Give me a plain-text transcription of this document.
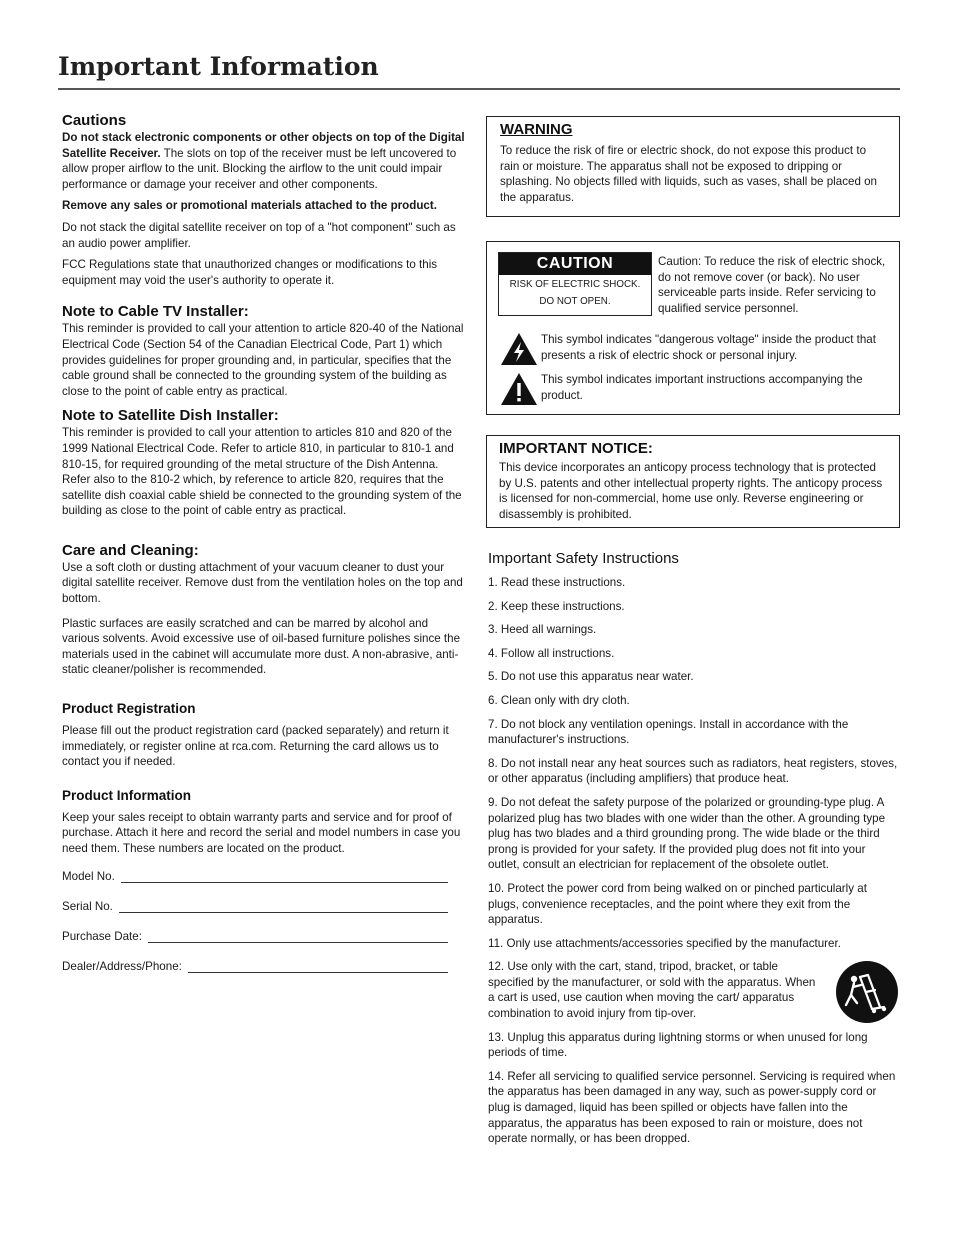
Important Information
Cautions

Do not stack electronic components or other objects on top of the Digital Satellite Receiver. The slots on top of the receiver must be left uncovered to allow proper airflow to the unit. Blocking the airflow to the unit could impair performance or damage your receiver and other components.

Remove any sales or promotional materials attached to the product.

Do not stack the digital satellite receiver on top of a "hot component" such as an audio power amplifier.

FCC Regulations state that unauthorized changes or modifications to this equipment may void the user's authority to operate it.

Note to Cable TV Installer:

This reminder is provided to call your attention to article 820-40 of the National Electrical Code (Section 54 of the Canadian Electrical Code, Part 1) which provides guidelines for proper grounding and, in particular, specifies that the cable ground shall be connected to the grounding system of the building as close to the point of cable entry as practical.

Note to Satellite Dish Installer:

This reminder is provided to call your attention to articles 810 and 820 of the 1999 National Electrical Code. Refer to article 810, in particular to 810-1 and 810-15, for required grounding of the metal structure of the Dish Antenna. Refer also to the 810-2 which, by reference to article 820, requires that the satellite dish coaxial cable shield be connected to the grounding system of the building as close to the point of cable entry as practical.

Care and Cleaning:

Use a soft cloth or dusting attachment of your vacuum cleaner to dust your digital satellite receiver. Remove dust from the ventilation holes on the top and bottom.

Plastic surfaces are easily scratched and can be marred by alcohol and various solvents. Avoid excessive use of oil-based furniture polishes since the materials used in the cabinet will accumulate more dust. A non-abrasive, anti-static cleaner/polisher is recommended.

Product Registration

Please fill out the product registration card (packed separately) and return it immediately, or register online at rca.com. Returning the card allows us to contact you if needed.

Product Information

Keep your sales receipt to obtain warranty parts and service and for proof of purchase. Attach it here and record the serial and model numbers in case you need them. These numbers are located on the product.

Model No.
Serial No.
Purchase Date:
Dealer/Address/Phone:
WARNING

To reduce the risk of fire or electric shock, do not expose this product to rain or moisture. The apparatus shall not be exposed to dripping or splashing. No objects filled with liquids, such as vases, shall be placed on the apparatus.

CAUTION
RISK OF ELECTRIC SHOCK.
DO NOT OPEN.

Caution: To reduce the risk of electric shock, do not remove cover (or back). No user serviceable parts inside. Refer servicing to qualified service personnel.

This symbol indicates "dangerous voltage" inside the product that presents a risk of electric shock or personal injury.

This symbol indicates important instructions accompanying the product.

IMPORTANT NOTICE:

This device incorporates an anticopy process technology that is protected by U.S. patents and other intellectual property rights. The anticopy process is licensed for non-commercial, home use only. Reverse engineering or disassembly is prohibited.

Important Safety Instructions

1. Read these instructions.

2. Keep these instructions.

3. Heed all warnings.

4. Follow all instructions.

5. Do not use this apparatus near water.

6. Clean only with dry cloth.

7. Do not block any ventilation openings. Install in accordance with the manufacturer's instructions.

8. Do not install near any heat sources such as radiators, heat registers, stoves, or other apparatus (including amplifiers) that produce heat.

9. Do not defeat the safety purpose of the polarized or grounding-type plug. A polarized plug has two blades with one wider than the other. A grounding type plug has two blades and a third grounding prong. The wide blade or the third prong is provided for your safety. If the provided plug does not fit into your outlet, consult an electrician for replacement of the obsolete outlet.

10. Protect the power cord from being walked on or pinched particularly at plugs, convenience receptacles, and the point where they exit from the apparatus.

11. Only use attachments/accessories specified by the manufacturer.

12. Use only with the cart, stand, tripod, bracket, or table specified by the manufacturer, or sold with the apparatus. When a cart is used, use caution when moving the cart/ apparatus combination to avoid injury from tip-over.

13. Unplug this apparatus during lightning storms or when unused for long periods of time.

14. Refer all servicing to qualified service personnel. Servicing is required when the apparatus has been damaged in any way, such as power-supply cord or plug is damaged, liquid has been spilled or objects have fallen into the apparatus, the apparatus has been exposed to rain or moisture, does not operate normally, or has been dropped.
